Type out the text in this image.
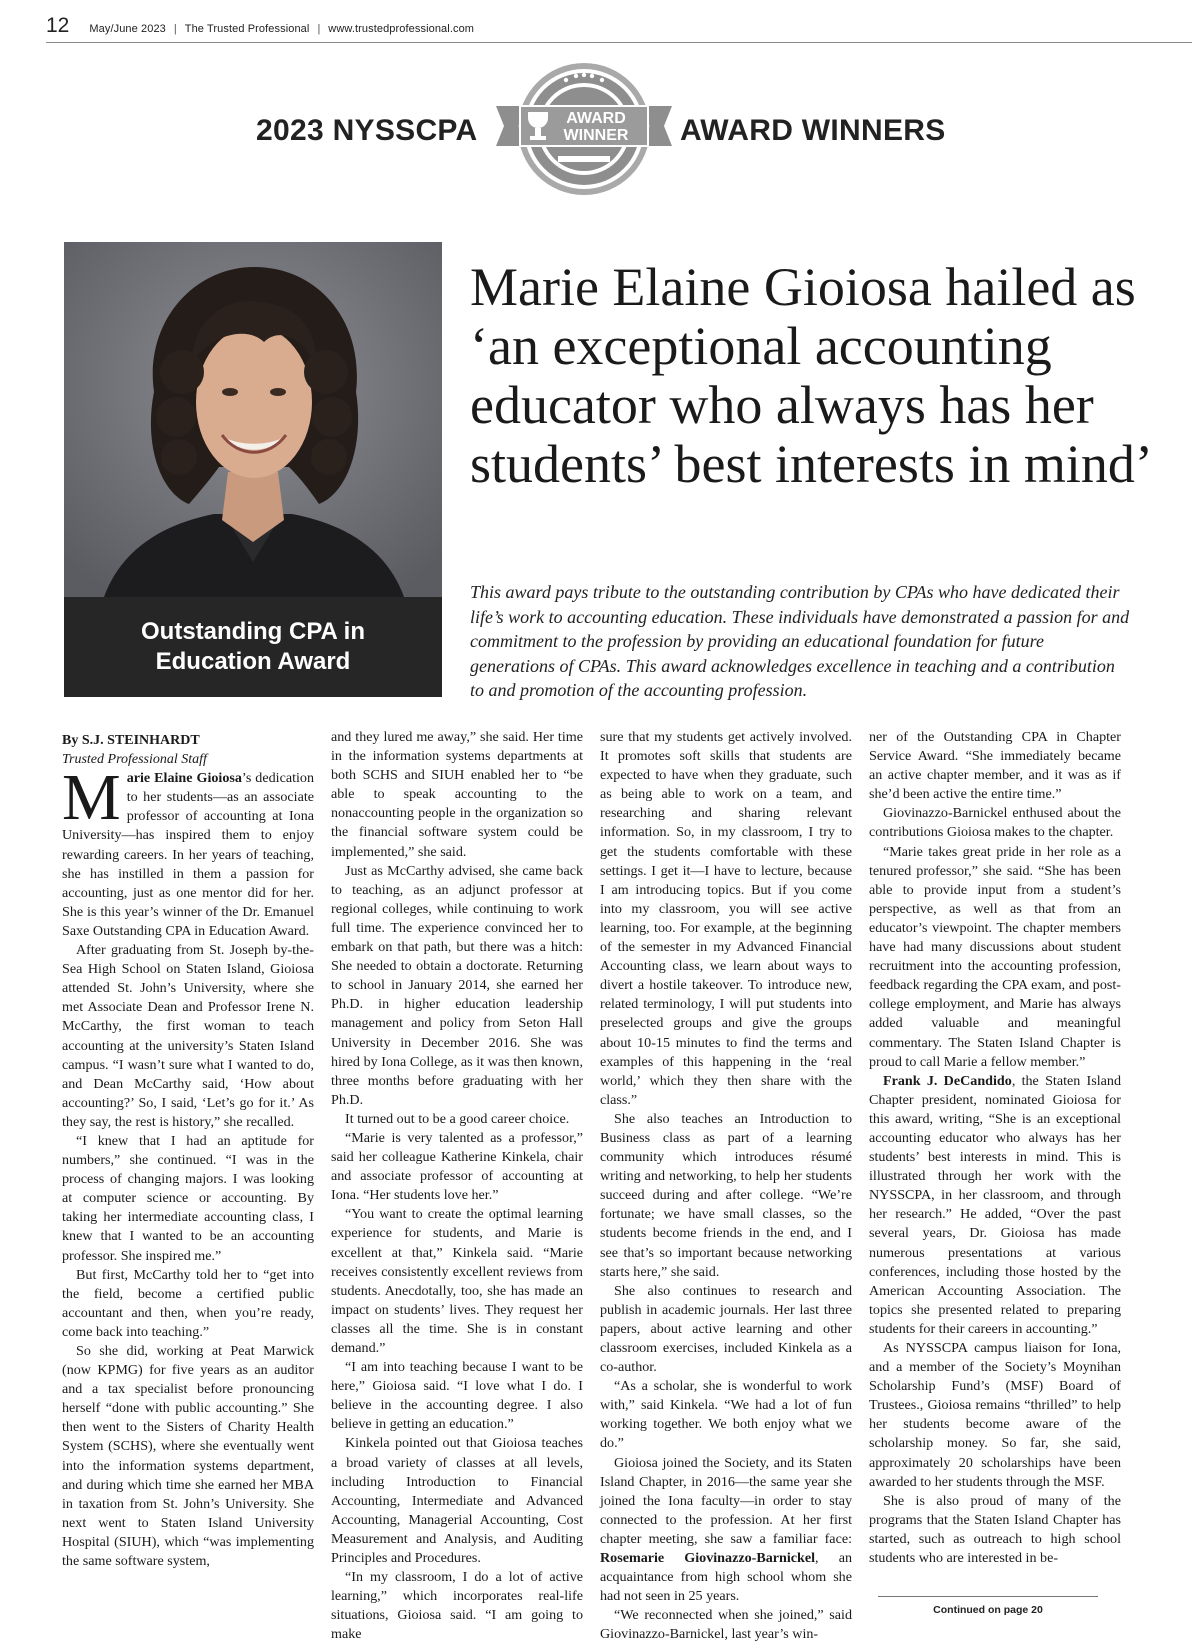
12 May/June 2023 | The Trusted Professional | www.trustedprofessional.com
2023 NYSSCPA	AWARD
WINNER AWARD WINNERS
Outstanding CPA in Education Award
Marie Elaine Gioiosa hailed as ‘an exceptional accounting educator who always has her students’ best interests in mind’

This award pays tribute to the outstanding contribution by CPAs who have dedicated their life’s work to accounting education. These individuals have demonstrated a passion for and commitment to the profession by providing an educational foundation for future generations of CPAs. This award acknowledges excellence in teaching and a contribution to and promotion of the accounting profession.

By S.J. STEINHARDT

Trusted Professional Staff

Marie Elaine Gioiosa’s dedication to her students—as an associate professor of accounting at Iona University—has inspired them to enjoy rewarding careers. In her years of teaching, she has instilled in them a passion for accounting, just as one mentor did for her. She is this year’s winner of the Dr. Emanuel Saxe Outstanding CPA in Education Award.

After graduating from St. Joseph by-the-Sea High School on Staten Island, Gioiosa attended St. John’s University, where she met Associate Dean and Professor Irene N. McCarthy, the first woman to teach accounting at the university’s Staten Island campus. “I wasn’t sure what I wanted to do, and Dean McCarthy said, ‘How about accounting?’ So, I said, ‘Let’s go for it.’ As they say, the rest is history,” she recalled.

“I knew that I had an aptitude for numbers,” she continued. “I was in the process of changing majors. I was looking at computer science or accounting. By taking her intermediate accounting class, I knew that I wanted to be an accounting professor. She inspired me.”

But first, McCarthy told her to “get into the field, become a certified public accountant and then, when you’re ready, come back into teaching.”

So she did, working at Peat Marwick (now KPMG) for five years as an auditor and a tax specialist before pronouncing herself “done with public accounting.” She then went to the Sisters of Charity Health System (SCHS), where she eventually went into the information systems department, and during which time she earned her MBA in taxation from St. John’s University. She next went to Staten Island University Hospital (SIUH), which “was implementing the same software system,

and they lured me away,” she said. Her time in the information systems departments at both SCHS and SIUH enabled her to “be able to speak accounting to the nonaccounting people in the organization so the financial software system could be implemented,” she said.

Just as McCarthy advised, she came back to teaching, as an adjunct professor at regional colleges, while continuing to work full time. The experience convinced her to embark on that path, but there was a hitch: She needed to obtain a doctorate. Returning to school in January 2014, she earned her Ph.D. in higher education leadership management and policy from Seton Hall University in December 2016. She was hired by Iona College, as it was then known, three months before graduating with her Ph.D.

It turned out to be a good career choice.

“Marie is very talented as a professor,” said her colleague Katherine Kinkela, chair and associate professor of accounting at Iona. “Her students love her.”

“You want to create the optimal learning experience for students, and Marie is excellent at that,” Kinkela said. “Marie receives consistently excellent reviews from students. Anecdotally, too, she has made an impact on students’ lives. They request her classes all the time. She is in constant demand.”

“I am into teaching because I want to be here,” Gioiosa said. “I love what I do. I believe in the accounting degree. I also believe in getting an education.”

Kinkela pointed out that Gioiosa teaches a broad variety of classes at all levels, including Introduction to Financial Accounting, Intermediate and Advanced Accounting, Managerial Accounting, Cost Measurement and Analysis, and Auditing Principles and Procedures.

“In my classroom, I do a lot of active learning,” which incorporates real-life situations, Gioiosa said. “I am going to make

sure that my students get actively involved. It promotes soft skills that students are expected to have when they graduate, such as being able to work on a team, and researching and sharing relevant information. So, in my classroom, I try to get the students comfortable with these settings. I get it—I have to lecture, because I am introducing topics. But if you come into my classroom, you will see active learning, too. For example, at the beginning of the semester in my Advanced Financial Accounting class, we learn about ways to divert a hostile takeover. To introduce new, related terminology, I will put students into preselected groups and give the groups about 10-15 minutes to find the terms and examples of this happening in the ‘real world,’ which they then share with the class.”

She also teaches an Introduction to Business class as part of a learning community which introduces résumé writing and networking, to help her students succeed during and after college. “We’re fortunate; we have small classes, so the students become friends in the end, and I see that’s so important because networking starts here,” she said.

She also continues to research and publish in academic journals. Her last three papers, about active learning and other classroom exercises, included Kinkela as a co-author.

“As a scholar, she is wonderful to work with,” said Kinkela. “We had a lot of fun working together. We both enjoy what we do.”

Gioiosa joined the Society, and its Staten Island Chapter, in 2016—the same year she joined the Iona faculty—in order to stay connected to the profession. At her first chapter meeting, she saw a familiar face: Rosemarie Giovinazzo-Barnickel, an acquaintance from high school whom she had not seen in 25 years.

“We reconnected when she joined,” said Giovinazzo-Barnickel, last year’s win-

ner of the Outstanding CPA in Chapter Service Award. “She immediately became an active chapter member, and it was as if she’d been active the entire time.”

Giovinazzo-Barnickel enthused about the contributions Gioiosa makes to the chapter.

“Marie takes great pride in her role as a tenured professor,” she said. “She has been able to provide input from a student’s perspective, as well as that from an educator’s viewpoint. The chapter members have had many discussions about student recruitment into the accounting profession, feedback regarding the CPA exam, and post-college employment, and Marie has always added valuable and meaningful commentary. The Staten Island Chapter is proud to call Marie a fellow member.”

Frank J. DeCandido, the Staten Island Chapter president, nominated Gioiosa for this award, writing, “She is an exceptional accounting educator who always has her students’ best interests in mind. This is illustrated through her work with the NYSSCPA, in her classroom, and through her research.” He added, “Over the past several years, Dr. Gioiosa has made numerous presentations at various conferences, including those hosted by the American Accounting Association. The topics she presented related to preparing students for their careers in accounting.”

As NYSSCPA campus liaison for Iona, and a member of the Society’s Moynihan Scholarship Fund’s (MSF) Board of Trustees., Gioiosa remains “thrilled” to help her students become aware of the scholarship money. So far, she said, approximately 20 scholarships have been awarded to her students through the MSF.

She is also proud of many of the programs that the Staten Island Chapter has started, such as outreach to high school students who are interested in be-

Continued on page 20
